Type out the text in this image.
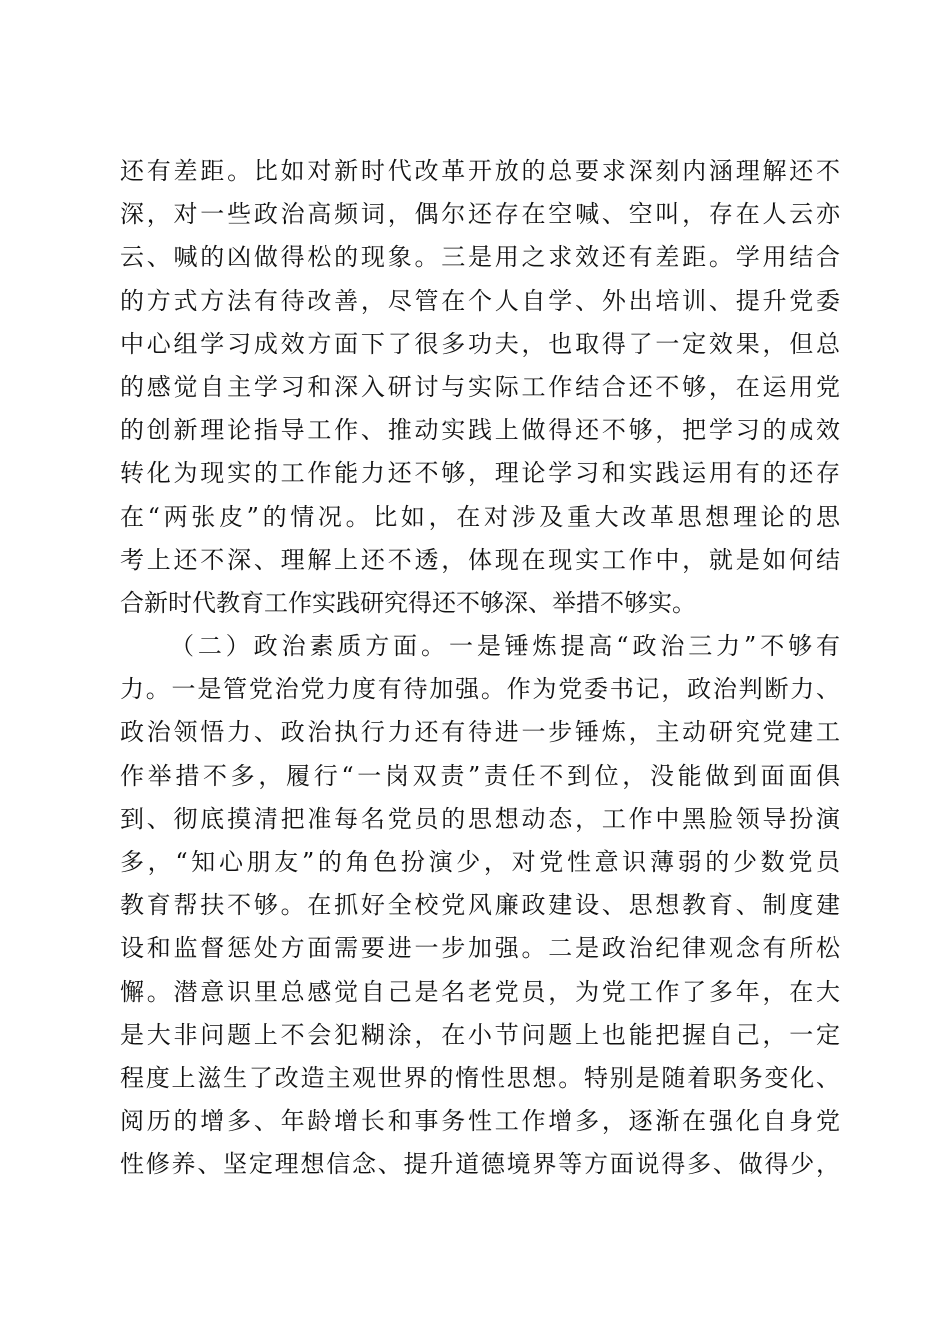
还有差距。比如对新时代改革开放的总要求深刻内涵理解还不
深，对一些政治高频词，偶尔还存在空喊、空叫，存在人云亦
云、喊的凶做得松的现象。三是用之求效还有差距。学用结合
的方式方法有待改善，尽管在个人自学、外出培训、提升党委
中心组学习成效方面下了很多功夫，也取得了一定效果，但总
的感觉自主学习和深入研讨与实际工作结合还不够，在运用党
的创新理论指导工作、推动实践上做得还不够，把学习的成效
转化为现实的工作能力还不够，理论学习和实践运用有的还存
在“两张皮”的情况。比如，在对涉及重大改革思想理论的思
考上还不深、理解上还不透，体现在现实工作中，就是如何结
合新时代教育工作实践研究得还不够深、举措不够实。
（二）政治素质方面。一是锤炼提高“政治三力”不够有
力。一是管党治党力度有待加强。作为党委书记，政治判断力、
政治领悟力、政治执行力还有待进一步锤炼，主动研究党建工
作举措不多，履行“一岗双责”责任不到位，没能做到面面俱
到、彻底摸清把准每名党员的思想动态，工作中黑脸领导扮演
多，“知心朋友”的角色扮演少，对党性意识薄弱的少数党员
教育帮扶不够。在抓好全校党风廉政建设、思想教育、制度建
设和监督惩处方面需要进一步加强。二是政治纪律观念有所松
懈。潜意识里总感觉自己是名老党员，为党工作了多年，在大
是大非问题上不会犯糊涂，在小节问题上也能把握自己，一定
程度上滋生了改造主观世界的惰性思想。特别是随着职务变化、
阅历的增多、年龄增长和事务性工作增多，逐渐在强化自身党
性修养、坚定理想信念、提升道德境界等方面说得多、做得少，
